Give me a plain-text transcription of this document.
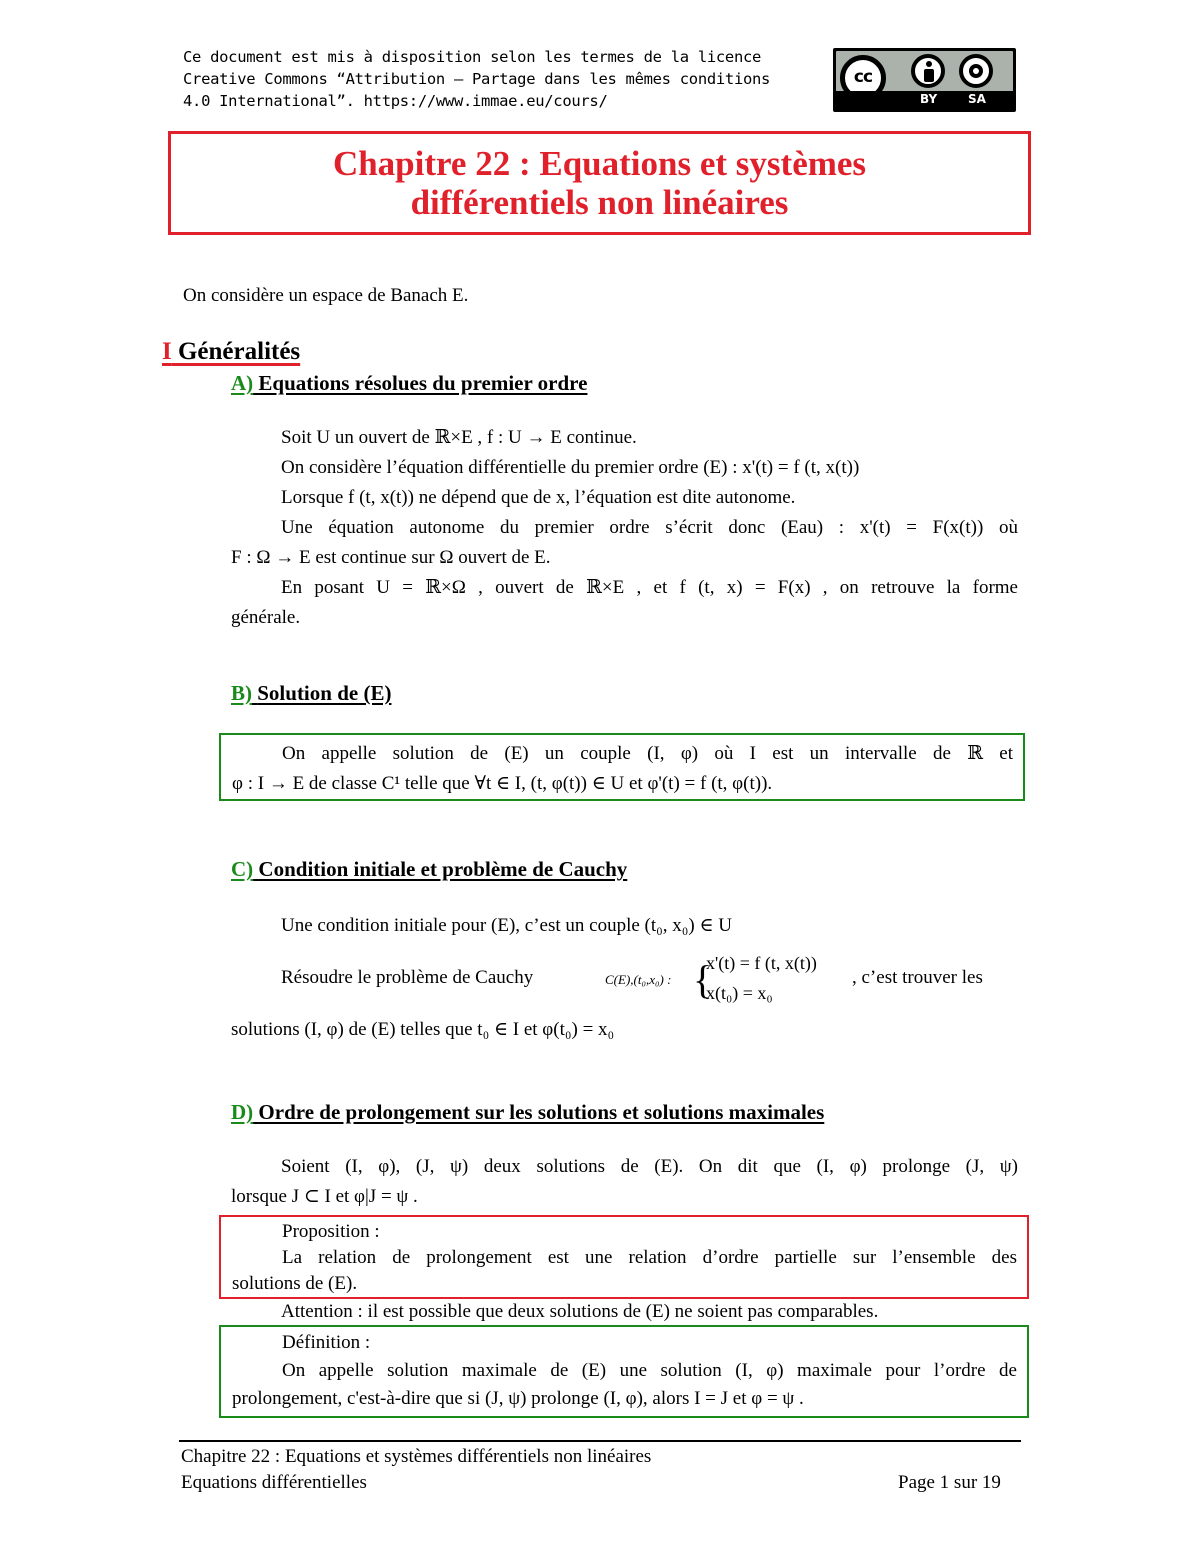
Ce document est mis à disposition selon les termes de la licence
Creative Commons “Attribution – Partage dans les mêmes conditions
4.0 International”. https://www.immae.eu/cours/
cc
BY	SA
Chapitre 22 : Equations et systèmes
différentiels non linéaires
On considère un espace de Banach E.
I Généralités
A) Equations résolues du premier ordre
Soit U un ouvert de ℝ×E , f : U → E continue.
On considère l’équation différentielle du premier ordre (E) : x'(t) = f (t, x(t))
Lorsque f (t, x(t)) ne dépend que de x, l’équation est dite autonome.
Une équation autonome du premier ordre s’écrit donc (Eau) : x'(t) = F(x(t)) où
F : Ω → E est continue sur Ω ouvert de E.
En posant U = ℝ×Ω , ouvert de ℝ×E , et f (t, x) = F(x) , on retrouve la forme
générale.
B) Solution de (E)
On appelle solution de (E) un couple (I, φ) où I est un intervalle de ℝ et
φ : I → E de classe C¹ telle que ∀t ∈ I, (t, φ(t)) ∈ U et φ'(t) = f (t, φ(t)).
C) Condition initiale et problème de Cauchy
Une condition initiale pour (E), c’est un couple (t₀, x₀) ∈ U
Résoudre le problème de Cauchy	C(E),(t₀,x₀) : {
x'(t) = f (t, x(t))
x(t₀) = x₀
, c’est trouver les
solutions (I, φ) de (E) telles que t₀ ∈ I et φ(t₀) = x₀
D) Ordre de prolongement sur les solutions et solutions maximales
Soient (I, φ), (J, ψ) deux solutions de (E). On dit que (I, φ) prolonge (J, ψ)
lorsque J ⊂ I et φ|J = ψ .
Proposition :
La relation de prolongement est une relation d’ordre partielle sur l’ensemble des
solutions de (E).
Attention : il est possible que deux solutions de (E) ne soient pas comparables.
Définition :
On appelle solution maximale de (E) une solution (I, φ) maximale pour l’ordre de
prolongement, c'est-à-dire que si (J, ψ) prolonge (I, φ), alors I = J et φ = ψ .
Chapitre 22 : Equations et systèmes différentiels non linéaires
Equations différentielles	Page 1 sur 19
